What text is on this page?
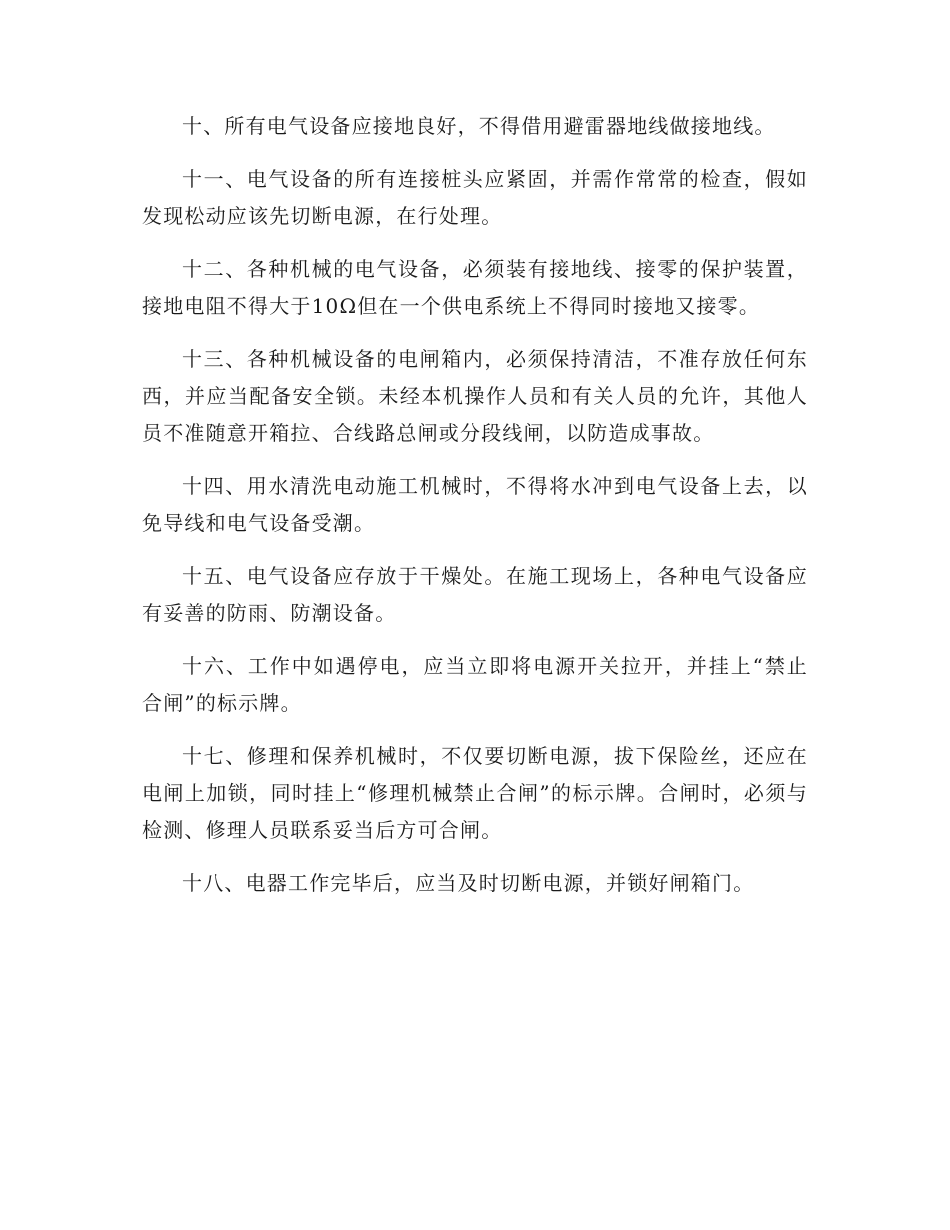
十、所有电气设备应接地良好，不得借用避雷器地线做接地线。

十一、电气设备的所有连接桩头应紧固，并需作常常的检查，假如发现松动应该先切断电源，在行处理。

十二、各种机械的电气设备，必须装有接地线、接零的保护装置，接地电阻不得大于10Ω但在一个供电系统上不得同时接地又接零。

十三、各种机械设备的电闸箱内，必须保持清洁，不准存放任何东西，并应当配备安全锁。未经本机操作人员和有关人员的允许，其他人员不准随意开箱拉、合线路总闸或分段线闸，以防造成事故。

十四、用水清洗电动施工机械时，不得将水冲到电气设备上去，以免导线和电气设备受潮。

十五、电气设备应存放于干燥处。在施工现场上，各种电气设备应有妥善的防雨、防潮设备。

十六、工作中如遇停电，应当立即将电源开关拉开，并挂上“禁止合闸”的标示牌。

十七、修理和保养机械时，不仅要切断电源，拔下保险丝，还应在电闸上加锁，同时挂上“修理机械禁止合闸”的标示牌。合闸时，必须与检测、修理人员联系妥当后方可合闸。

十八、电器工作完毕后，应当及时切断电源，并锁好闸箱门。
